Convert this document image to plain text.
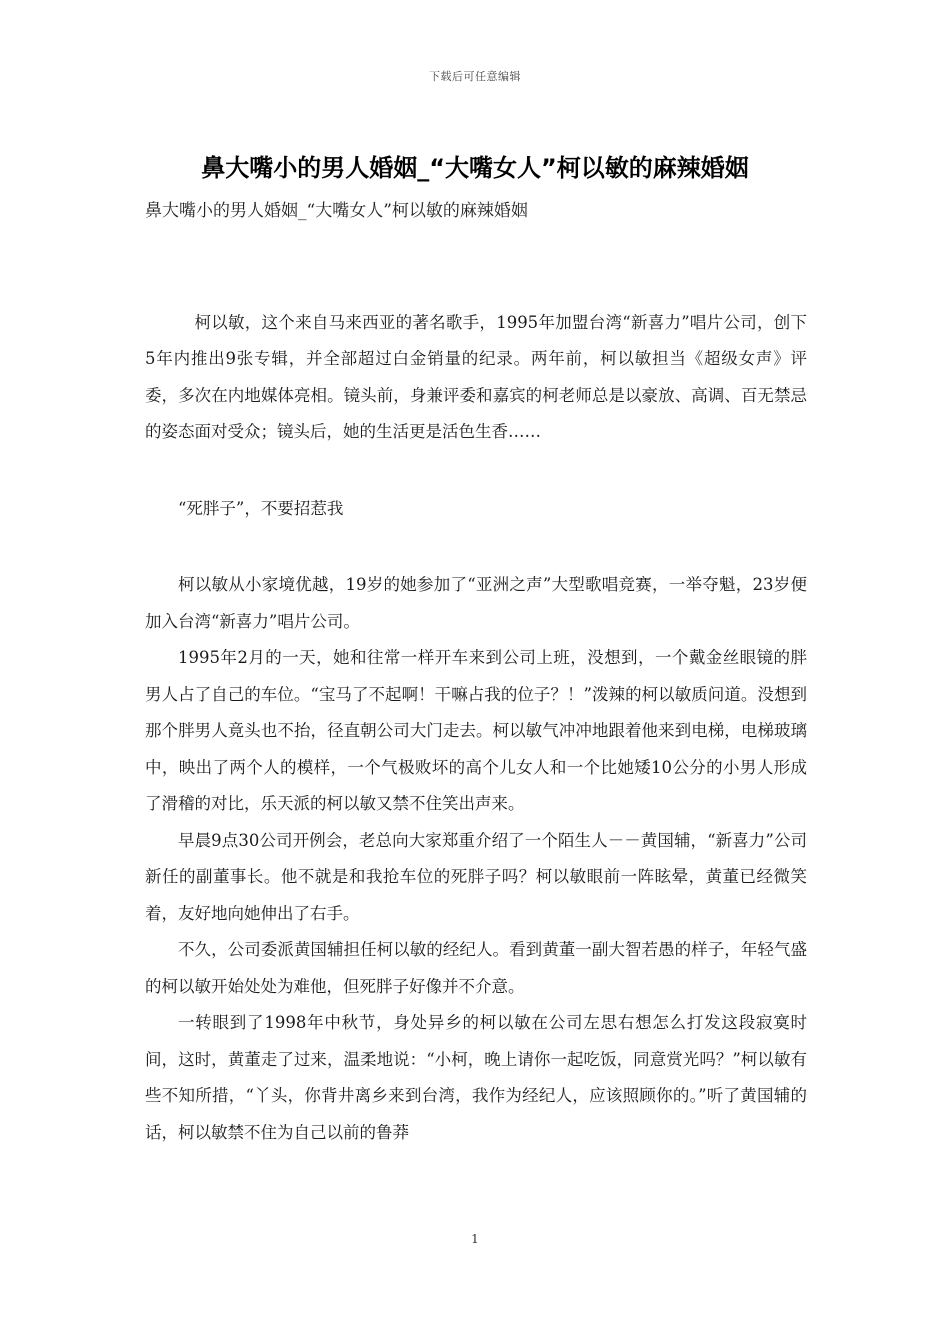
下载后可任意编辑
鼻大嘴小的男人婚姻_“大嘴女人”柯以敏的麻辣婚姻
鼻大嘴小的男人婚姻_“大嘴女人”柯以敏的麻辣婚姻

柯以敏，这个来自马来西亚的著名歌手，1995年加盟台湾“新喜力”唱片公司，创下5年内推出9张专辑，并全部超过白金销量的纪录。两年前，柯以敏担当《超级女声》评委，多次在内地媒体亮相。镜头前，身兼评委和嘉宾的柯老师总是以豪放、高调、百无禁忌的姿态面对受众；镜头后，她的生活更是活色生香……

“死胖子”，不要招惹我

柯以敏从小家境优越，19岁的她参加了“亚洲之声”大型歌唱竞赛，一举夺魁，23岁便加入台湾“新喜力”唱片公司。

1995年2月的一天，她和往常一样开车来到公司上班，没想到，一个戴金丝眼镜的胖男人占了自己的车位。“宝马了不起啊！干嘛占我的位子？！”泼辣的柯以敏质问道。没想到那个胖男人竟头也不抬，径直朝公司大门走去。柯以敏气冲冲地跟着他来到电梯，电梯玻璃中，映出了两个人的模样，一个气极败坏的高个儿女人和一个比她矮10公分的小男人形成了滑稽的对比，乐天派的柯以敏又禁不住笑出声来。

早晨9点30公司开例会，老总向大家郑重介绍了一个陌生人－－黄国辅，“新喜力”公司新任的副董事长。他不就是和我抢车位的死胖子吗？柯以敏眼前一阵眩晕，黄董已经微笑着，友好地向她伸出了右手。

不久，公司委派黄国辅担任柯以敏的经纪人。看到黄董一副大智若愚的样子，年轻气盛的柯以敏开始处处为难他，但死胖子好像并不介意。

一转眼到了1998年中秋节，身处异乡的柯以敏在公司左思右想怎么打发这段寂寞时间，这时，黄董走了过来，温柔地说：“小柯，晚上请你一起吃饭，同意赏光吗？”柯以敏有些不知所措，“丫头，你背井离乡来到台湾，我作为经纪人，应该照顾你的。”听了黄国辅的话，柯以敏禁不住为自己以前的鲁莽

1
